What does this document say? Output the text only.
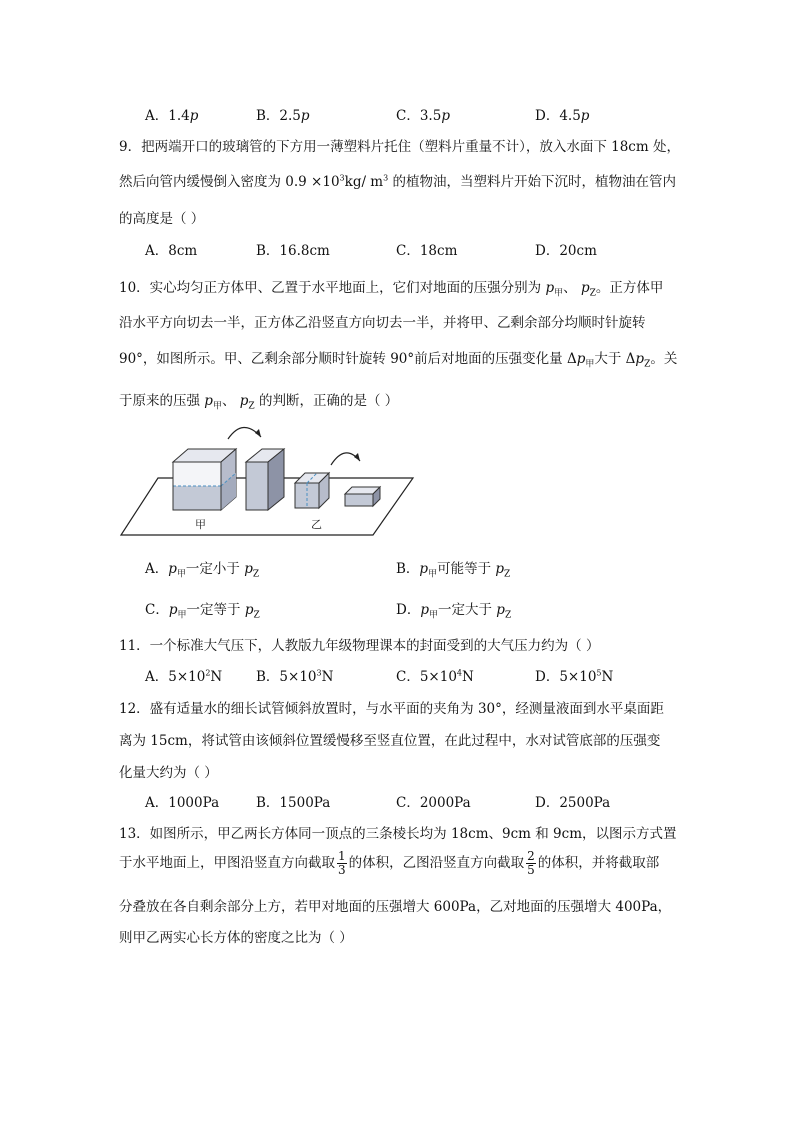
A．1.4p	B．2.5p	C．3.5p	D．4.5p
9．把两端开口的玻璃管的下方用一薄塑料片托住（塑料片重量不计），放入水面下 18cm 处，
然后向管内缓慢倒入密度为 $0.9 \times 10^3kg/$ $m^3$ 的植物油，当塑料片开始下沉时，植物油在管内
的高度是（ ）
A．8cm	B．16.8cm	C．18cm	D．20cm
10．实心均匀正方体甲、乙置于水平地面上，它们对地面的压强分别为 $p_甲$、 $p_Z$。正方体甲
沿水平方向切去一半，正方体乙沿竖直方向切去一半，并将甲、乙剩余部分均顺时针旋转
90°，如图所示。甲、乙剩余部分顺时针旋转 90°前后对地面的压强变化量 $\Delta p_甲$大于 $\Delta p_Z$。关
于原来的压强 $p_甲$、 $p_Z$ 的判断，正确的是（ ）
甲	乙
A．$p_甲$一定小于 $p_Z$	B．$p_甲$可能等于 $p_Z$
C．$p_甲$一定等于 $p_Z$	D．$p_甲$一定大于 $p_Z$
11．一个标准大气压下，人教版九年级物理课本的封面受到的大气压力约为（ ）
A．$5\times 10^2N$	B．$5\times 10^3N$	C．$5\times 10^4N$	D．$5\times 10^5N$
12．盛有适量水的细长试管倾斜放置时，与水平面的夹角为 30°，经测量液面到水平桌面距
离为 15cm，将试管由该倾斜位置缓慢移至竖直位置，在此过程中，水对试管底部的压强变
化量大约为（ ）
A．1000Pa	B．1500Pa	C．2000Pa	D．2500Pa
13．如图所示，甲乙两长方体同一顶点的三条棱长均为 18cm、9cm 和 9cm，以图示方式置
于水平地面上，甲图沿竖直方向截取 $\frac{1}{3}$ 的体积，乙图沿竖直方向截取 $\frac{2}{5}$ 的体积，并将截取部
分叠放在各自剩余部分上方，若甲对地面的压强增大 600Pa，乙对地面的压强增大 400Pa，
则甲乙两实心长方体的密度之比为（ ）
